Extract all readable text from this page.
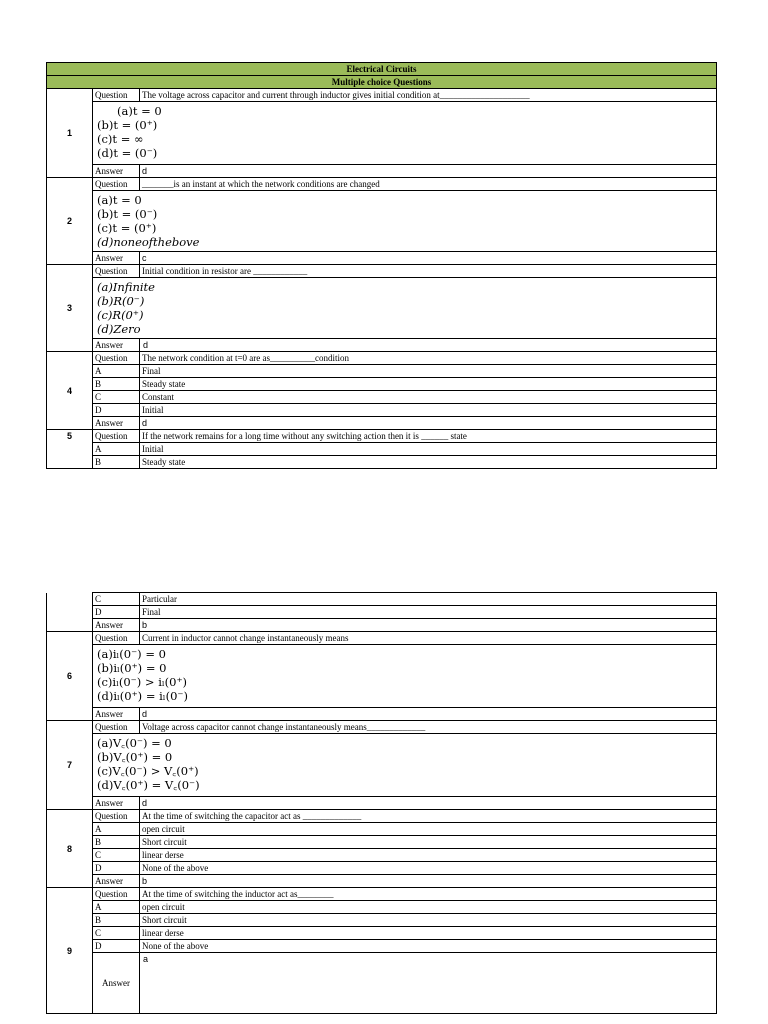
Electrical Circuits		
Multiple choice Questions		
1	Question	The voltage across capacitor and current through inductor gives initial condition at____________________

	(a)t = 0
(b)t = (0⁺)
(c)t = ∞
(d)t = (0⁻)	

	Answer	d
2	Question	_______is an instant at which the network conditions are changed

	(a)t = 0
(b)t = (0⁻)
(c)t = (0⁺)
(d)noneofthebove	

	Answer	c
3	Question	Initial condition in resistor are ____________

	(a)Infinite
(b)R(0⁻)
(c)R(0⁺)
(d)Zero	

	Answer	d
4	Question	The network condition at t=0 are as__________condition
	A	Final
	B	Steady state
	C	Constant
	D	Initial
	Answer	d
5	Question	If the network remains for a long time without any switching action then it is ______ state
	A	Initial
	B	Steady state
	C	Particular
	D	Final
	Answer	b
6	Question	Current in inductor cannot change instantaneously means

	(a)iₗ(0⁻) = 0
(b)iₗ(0⁺) = 0
(c)iₗ(0⁻) > iₗ(0⁺)
(d)iₗ(0⁺) = iₗ(0⁻)	

	Answer	d
7	Question	Voltage across capacitor cannot change instantaneously means_____________

	(a)V꜀(0⁻) = 0
(b)V꜀(0⁺) = 0
(c)V꜀(0⁻) > V꜀(0⁺)
(d)V꜀(0⁺) = V꜀(0⁻)	

	Answer	d
8	Question	At the time of switching the capacitor act as _____________
	A	open circuit
	B	Short circuit
	C	linear derse
	D	None of the above
	Answer	b
9	Question	At the time of switching the inductor act as________
	A	open circuit
	B	Short circuit
	C	linear derse
	D	None of the above
	Answer	a
